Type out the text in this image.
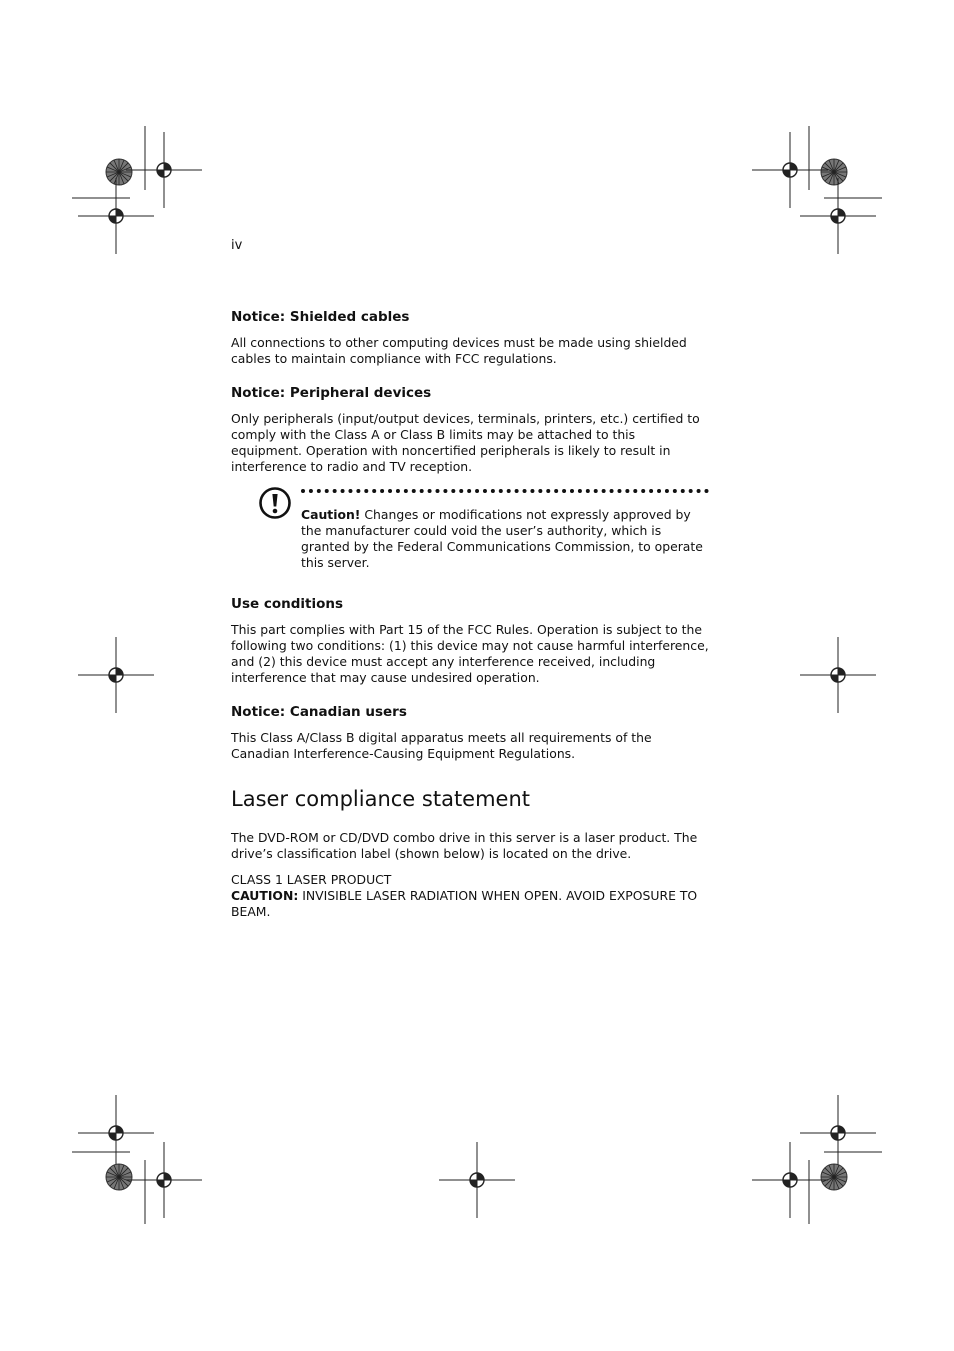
iv
Notice: Shielded cables

All connections to other computing devices must be made using shielded cables to maintain compliance with FCC regulations.

Notice: Peripheral devices

Only peripherals (input/output devices, terminals, printers, etc.) certified to comply with the Class A or Class B limits may be attached to this equipment. Operation with noncertified peripherals is likely to result in interference to radio and TV reception.

Caution! Changes or modifications not expressly approved by the manufacturer could void the user’s authority, which is granted by the Federal Communications Commission, to operate this server.

Use conditions

This part complies with Part 15 of the FCC Rules. Operation is subject to the following two conditions: (1) this device may not cause harmful interference, and (2) this device must accept any interference received, including interference that may cause undesired operation.

Notice: Canadian users

This Class A/Class B digital apparatus meets all requirements of the Canadian Interference-Causing Equipment Regulations.

Laser compliance statement

The DVD-ROM or CD/DVD combo drive in this server is a laser product. The drive’s classification label (shown below) is located on the drive.

CLASS 1 LASER PRODUCT

CAUTION: INVISIBLE LASER RADIATION WHEN OPEN. AVOID EXPOSURE TO BEAM.
